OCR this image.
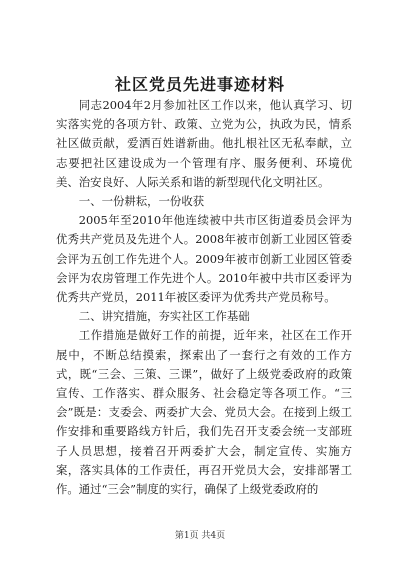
社区党员先进事迹材料

同志2004年2月参加社区工作以来，他认真学习、切实落实党的各项方针、政策、立党为公，执政为民，情系社区做贡献，爱洒百姓谱新曲。他扎根社区无私奉献，立志要把社区建设成为一个管理有序、服务便利、环境优美、治安良好、人际关系和谐的新型现代化文明社区。

一、一份耕耘，一份收获

2005年至2010年他连续被中共市区街道委员会评为优秀共产党员及先进个人。2008年被市创新工业园区管委会评为五创工作先进个人。2009年被市创新工业园区管委会评为农房管理工作先进个人。2010年被中共市区委评为优秀共产党员，2011年被区委评为优秀共产党员称号。

二、讲究措施，夯实社区工作基础

工作措施是做好工作的前提，近年来，社区在工作开展中，不断总结摸索，探索出了一套行之有效的工作方式，既“三会、三策、三课”，做好了上级党委政府的政策宣传、工作落实、群众服务、社会稳定等各项工作。“三会”既是：支委会、两委扩大会、党员大会。在接到上级工作安排和重要路线方针后，我们先召开支委会统一支部班子人员思想，接着召开两委扩大会，制定宣传、实施方案，落实具体的工作责任，再召开党员大会，安排部署工作。通过“三会”制度的实行，确保了上级党委政府的

第1页 共4页
